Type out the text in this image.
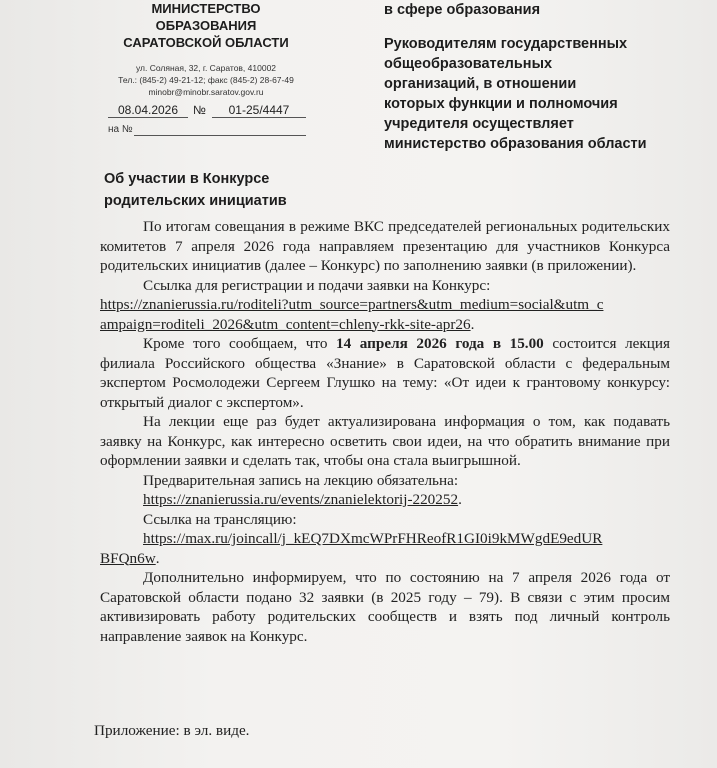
МИНИСТЕРСТВО
ОБРАЗОВАНИЯ
САРАТОВСКОЙ ОБЛАСТИ
ул. Соляная, 32, г. Саратов, 410002
Тел.: (845-2) 49-21-12; факс (845-2) 28-67-49
minobr@minobr.saratov.gov.ru
08.04.2026	№	01-25/4447
на №
в сфере образования
Руководителям государственных
общеобразовательных
организаций, в отношении
которых функции и полномочия
учредителя осуществляет
министерство образования области
Об участии в Конкурсе
родительских инициатив

По итогам совещания в режиме ВКС председателей региональных родительских комитетов 7 апреля 2026 года направляем презентацию для участников Конкурса родительских инициатив (далее – Конкурс) по заполнению заявки (в приложении).

Ссылка для регистрации и подачи заявки на Конкурс:

https://znanierussia.ru/roditeli?utm_source=partners&utm_medium=social&utm_c
ampaign=roditeli_2026&utm_content=chleny-rkk-site-apr26.

Кроме того сообщаем, что 14 апреля 2026 года в 15.00 состоится лекция филиала Российского общества «Знание» в Саратовской области с федеральным экспертом Росмолодежи Сергеем Глушко на тему: «От идеи к грантовому конкурсу: открытый диалог с экспертом».

На лекции еще раз будет актуализирована информация о том, как подавать заявку на Конкурс, как интересно осветить свои идеи, на что обратить внимание при оформлении заявки и сделать так, чтобы она стала выигрышной.

Предварительная запись на лекцию обязательна:

https://znanierussia.ru/events/znanielektorij-220252.

Ссылка на трансляцию:

https://max.ru/joincall/j_kEQ7DXmcWPrFHReofR1GI0i9kMWgdE9edUR
BFQn6w.

Дополнительно информируем, что по состоянию на 7 апреля 2026 года от Саратовской области подано 32 заявки (в 2025 году – 79). В связи с этим просим активизировать работу родительских сообществ и взять под личный контроль направление заявок на Конкурс.

Приложение: в эл. виде.
